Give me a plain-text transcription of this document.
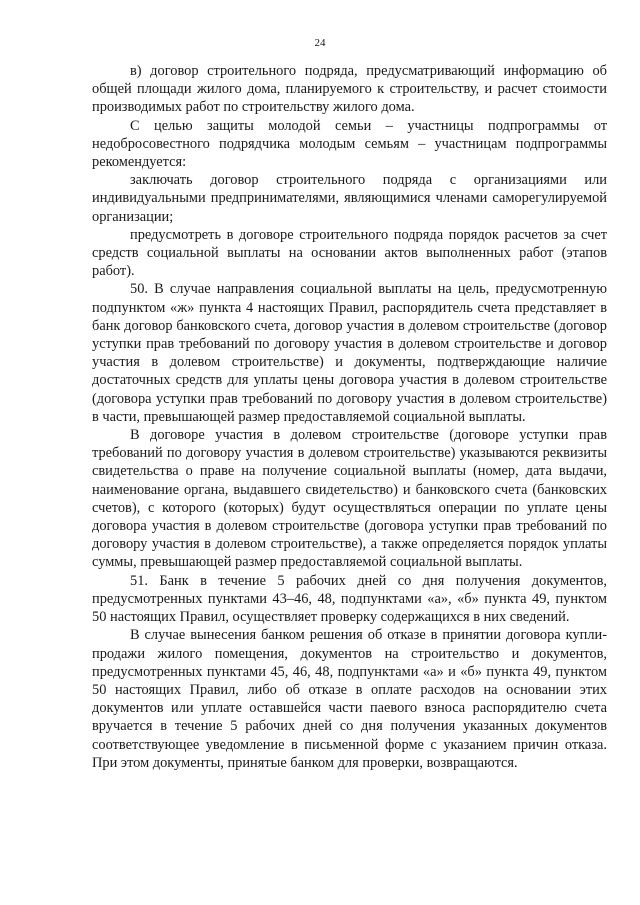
24

в) договор строительного подряда, предусматривающий информацию об общей площади жилого дома, планируемого к строительству, и расчет стоимости производимых работ по строительству жилого дома.

С целью защиты молодой семьи – участницы подпрограммы от недобросовестного подрядчика молодым семьям – участницам подпрограммы рекомендуется:

заключать договор строительного подряда с организациями или индивидуальными предпринимателями, являющимися членами саморегулируемой организации;

предусмотреть в договоре строительного подряда порядок расчетов за счет средств социальной выплаты на основании актов выполненных работ (этапов работ).

50. В случае направления социальной выплаты на цель, предусмотренную подпунктом «ж» пункта 4 настоящих Правил, распорядитель счета представляет в банк договор банковского счета, договор участия в долевом строительстве (договор уступки прав требований по договору участия в долевом строительстве и договор участия в долевом строительстве) и документы, подтверждающие наличие достаточных средств для уплаты цены договора участия в долевом строительстве (договора уступки прав требований по договору участия в долевом строительстве) в части, превышающей размер предоставляемой социальной выплаты.

В договоре участия в долевом строительстве (договоре уступки прав требований по договору участия в долевом строительстве) указываются реквизиты свидетельства о праве на получение социальной выплаты (номер, дата выдачи, наименование органа, выдавшего свидетельство) и банковского счета (банковских счетов), с которого (которых) будут осуществляться операции по уплате цены договора участия в долевом строительстве (договора уступки прав требований по договору участия в долевом строительстве), а также определяется порядок уплаты суммы, превышающей размер предоставляемой социальной выплаты.

51. Банк в течение 5 рабочих дней со дня получения документов, предусмотренных пунктами 43–46, 48, подпунктами «а», «б» пункта 49, пунктом 50 настоящих Правил, осуществляет проверку содержащихся в них сведений.

В случае вынесения банком решения об отказе в принятии договора купли-продажи жилого помещения, документов на строительство и документов, предусмотренных пунктами 45, 46, 48, подпунктами «а» и «б» пункта 49, пунктом 50 настоящих Правил, либо об отказе в оплате расходов на основании этих документов или уплате оставшейся части паевого взноса распорядителю счета вручается в течение 5 рабочих дней со дня получения указанных документов соответствующее уведомление в письменной форме с указанием причин отказа. При этом документы, принятые банком для проверки, возвращаются.
